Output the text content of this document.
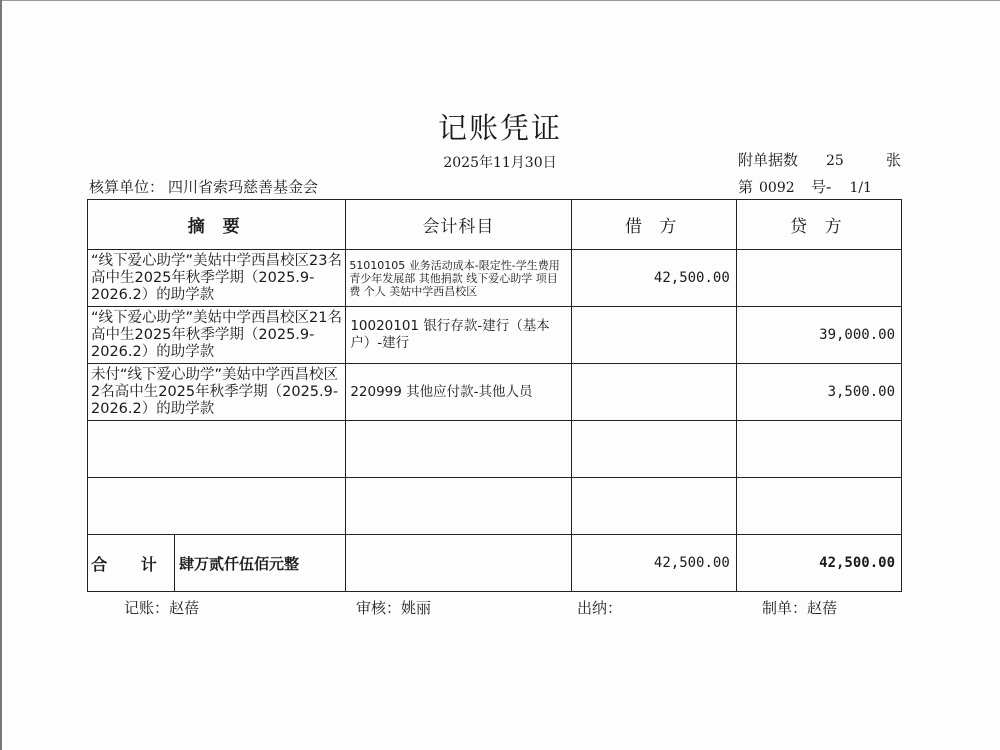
记账凭证
2025年11月30日	附单据数 25	张
核算单位： 四川省索玛慈善基金会	第 0092 号- 1/1
摘 要	会计科目	借 方	贷 方
“线下爱心助学”美姑中学西昌校区23名高中生2025年秋季学期（2025.9-2026.2）的助学款	51010105 业务活动成本-限定性-学生费用 青少年发展部 其他捐款 线下爱心助学 项目费 个人 美姑中学西昌校区	42,500.00	
“线下爱心助学”美姑中学西昌校区21名高中生2025年秋季学期（2025.9-2026.2）的助学款	10020101 银行存款-建行（基本户）-建行		39,000.00
未付“线下爱心助学”美姑中学西昌校区2名高中生2025年秋季学期（2025.9-2026.2）的助学款	220999 其他应付款-其他人员		3,500.00

合 计 肆万贰仟伍佰元整		42,500.00	42,500.00
记账：赵蓓	审核：姚丽	出纳：	制单：赵蓓
